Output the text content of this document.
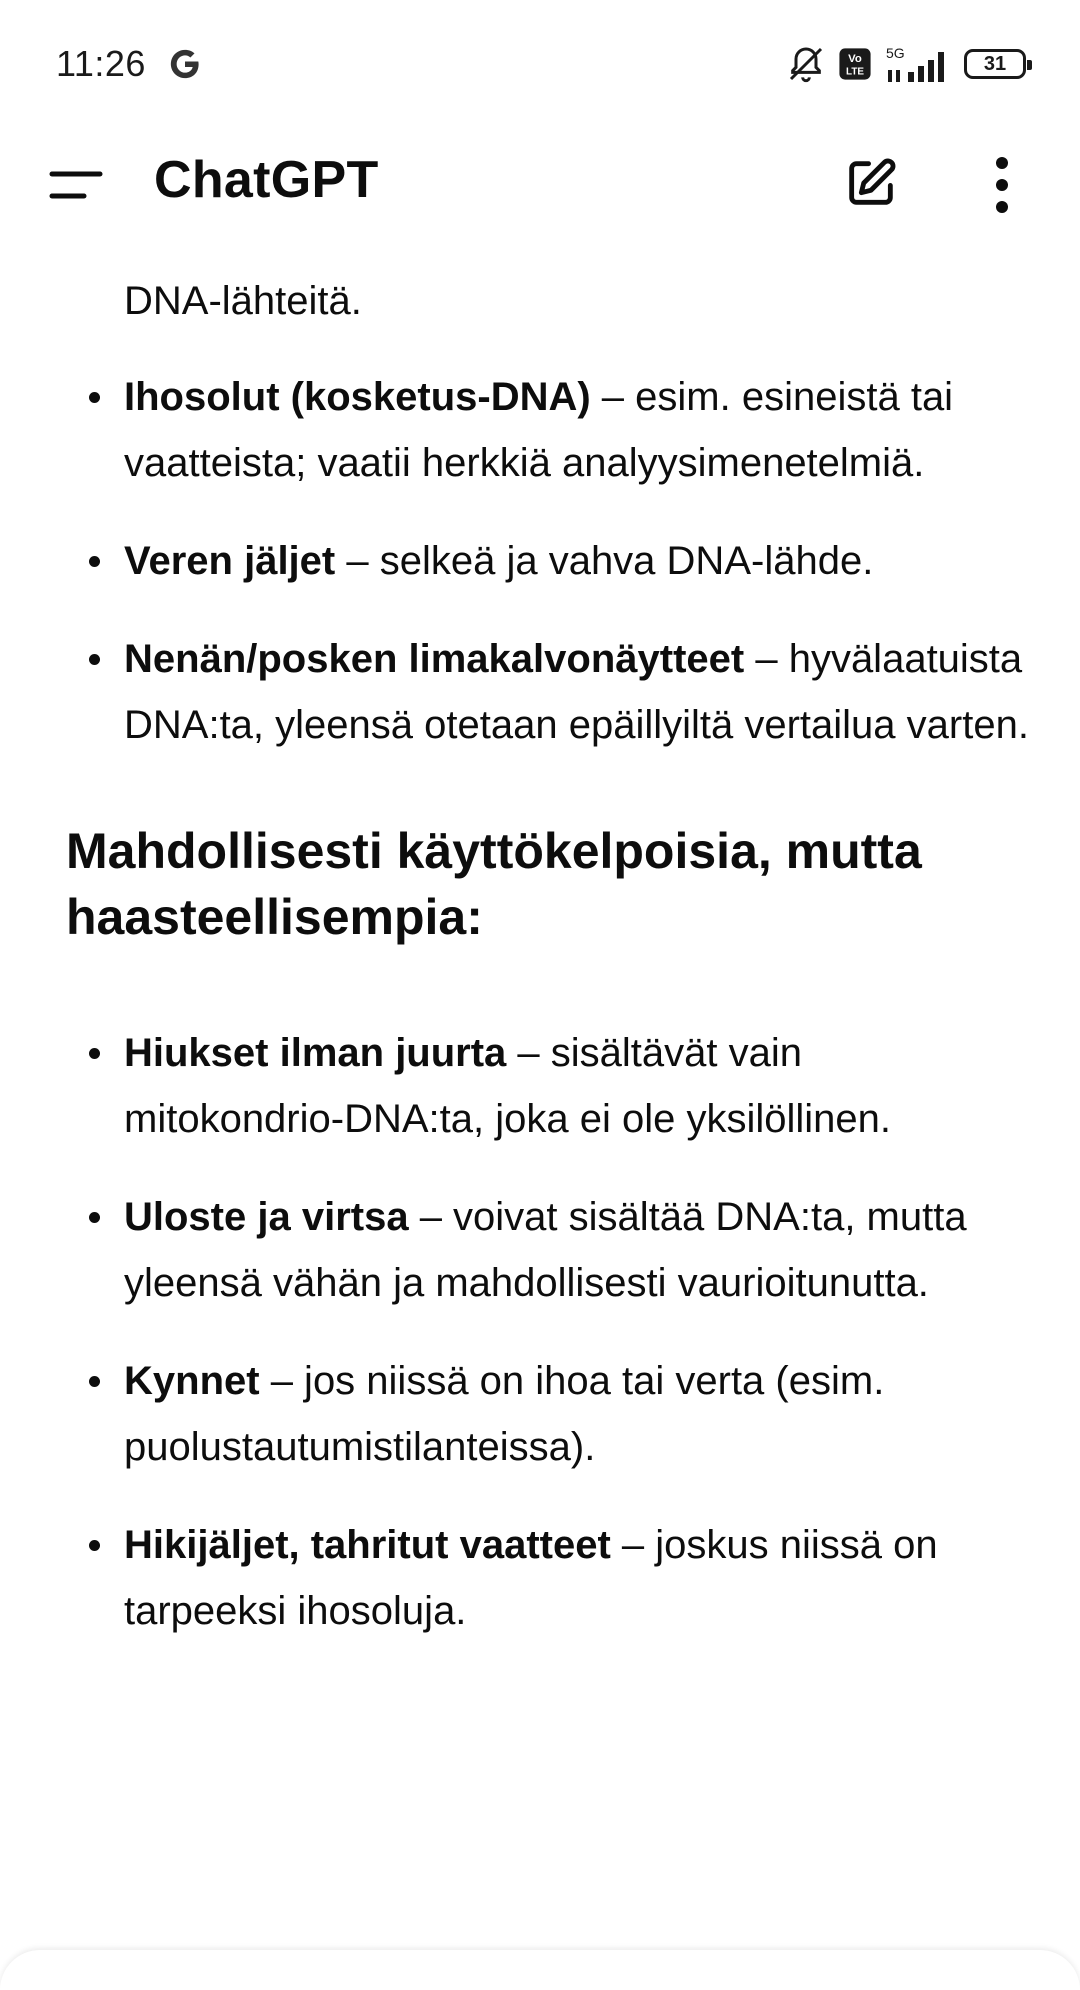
11:26	Vo
LTE
5G	31
ChatGPT
DNA-lähteitä.
Ihosolut (kosketus-DNA) – esim. esineistä tai vaatteista; vaatii herkkiä analyysimenetelmiä.
Veren jäljet – selkeä ja vahva DNA-lähde.
Nenän/posken limakalvonäytteet – hyvälaatuista DNA:ta, yleensä otetaan epäillyiltä vertailua varten.
Mahdollisesti käyttökelpoisia, mutta haasteellisempia:
Hiukset ilman juurta – sisältävät vain mitokondrio-DNA:ta, joka ei ole yksilöllinen.
Uloste ja virtsa – voivat sisältää DNA:ta, mutta yleensä vähän ja mahdollisesti vaurioitunutta.
Kynnet – jos niissä on ihoa tai verta (esim. puolustautumistilanteissa).
Hikijäljet, tahritut vaatteet – joskus niissä on tarpeeksi ihosoluja.
